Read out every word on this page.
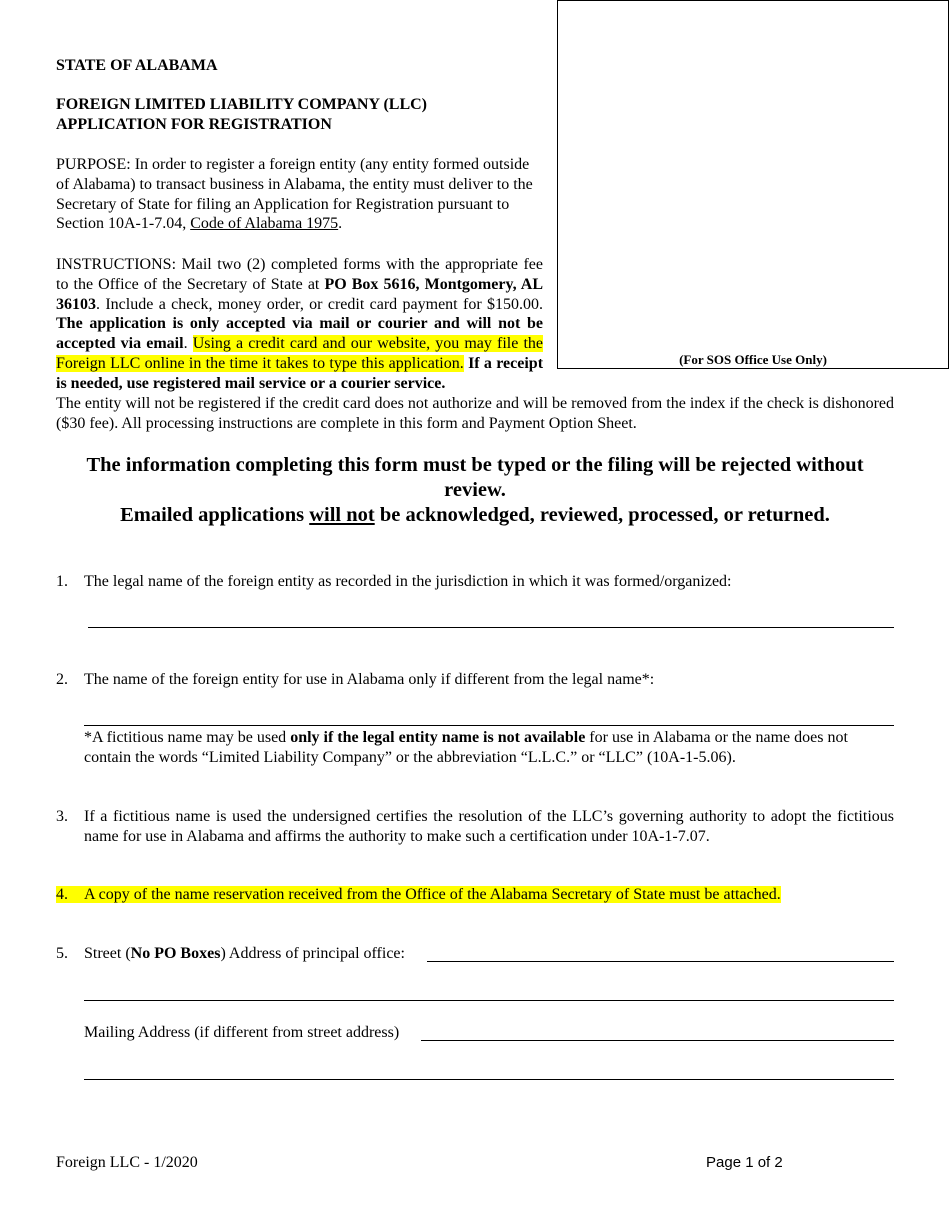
(For SOS Office Use Only)
STATE OF ALABAMA
FOREIGN LIMITED LIABILITY COMPANY (LLC)
APPLICATION FOR REGISTRATION
PURPOSE: In order to register a foreign entity (any entity formed outside of Alabama) to transact business in Alabama, the entity must deliver to the Secretary of State for filing an Application for Registration pursuant to Section 10A-1-7.04, Code of Alabama 1975.
INSTRUCTIONS: Mail two (2) completed forms with the appropriate fee to the Office of the Secretary of State at PO Box 5616, Montgomery, AL 36103. Include a check, money order, or credit card payment for $150.00. The application is only accepted via mail or courier and will not be accepted via email. Using a credit card and our website, you may file the Foreign LLC online in the time it takes to type this application. If a receipt is needed, use registered mail service or a courier service.
The entity will not be registered if the credit card does not authorize and will be removed from the index if the check is dishonored ($30 fee). All processing instructions are complete in this form and Payment Option Sheet.
The information completing this form must be typed or the filing will be rejected without review.
Emailed applications will not be acknowledged, reviewed, processed, or returned.
1. The legal name of the foreign entity as recorded in the jurisdiction in which it was formed/organized:
2. The name of the foreign entity for use in Alabama only if different from the legal name*:
*A fictitious name may be used only if the legal entity name is not available for use in Alabama or the name does not contain the words “Limited Liability Company” or the abbreviation “L.L.C.” or “LLC” (10A-1-5.06).
3.	If a fictitious name is used the undersigned certifies the resolution of the LLC’s governing authority to adopt the fictitious name for use in Alabama and affirms the authority to make such a certification under 10A-1-7.07.
4. A copy of the name reservation received from the Office of the Alabama Secretary of State must be attached.
5. Street (No PO Boxes) Address of principal office:
Mailing Address (if different from street address)
Foreign LLC - 1/2020	Page 1 of 2
